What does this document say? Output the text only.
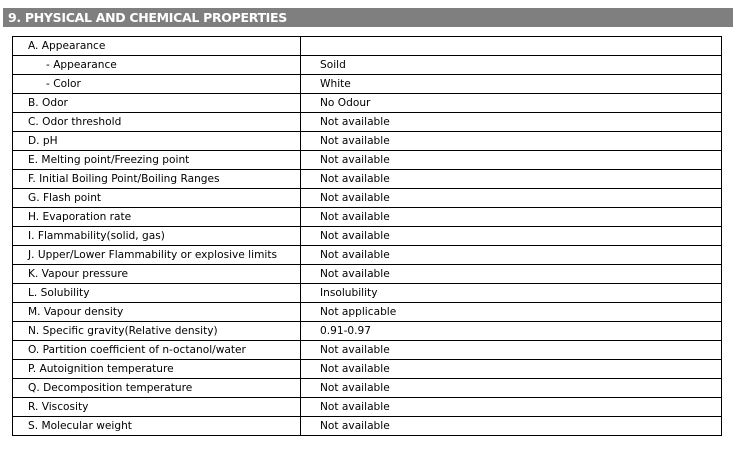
9. PHYSICAL AND CHEMICAL PROPERTIES
A. Appearance	
- Appearance	Soild
- Color	White
B. Odor	No Odour
C. Odor threshold	Not available
D. pH	Not available
E. Melting point/Freezing point	Not available
F. Initial Boiling Point/Boiling Ranges	Not available
G. Flash point	Not available
H. Evaporation rate	Not available
I. Flammability(solid, gas)	Not available
J. Upper/Lower Flammability or explosive limits	Not available
K. Vapour pressure	Not available
L. Solubility	Insolubility
M. Vapour density	Not applicable
N. Specific gravity(Relative density)	0.91-0.97
O. Partition coefficient of n-octanol/water	Not available
P. Autoignition temperature	Not available
Q. Decomposition temperature	Not available
R. Viscosity	Not available
S. Molecular weight	Not available
